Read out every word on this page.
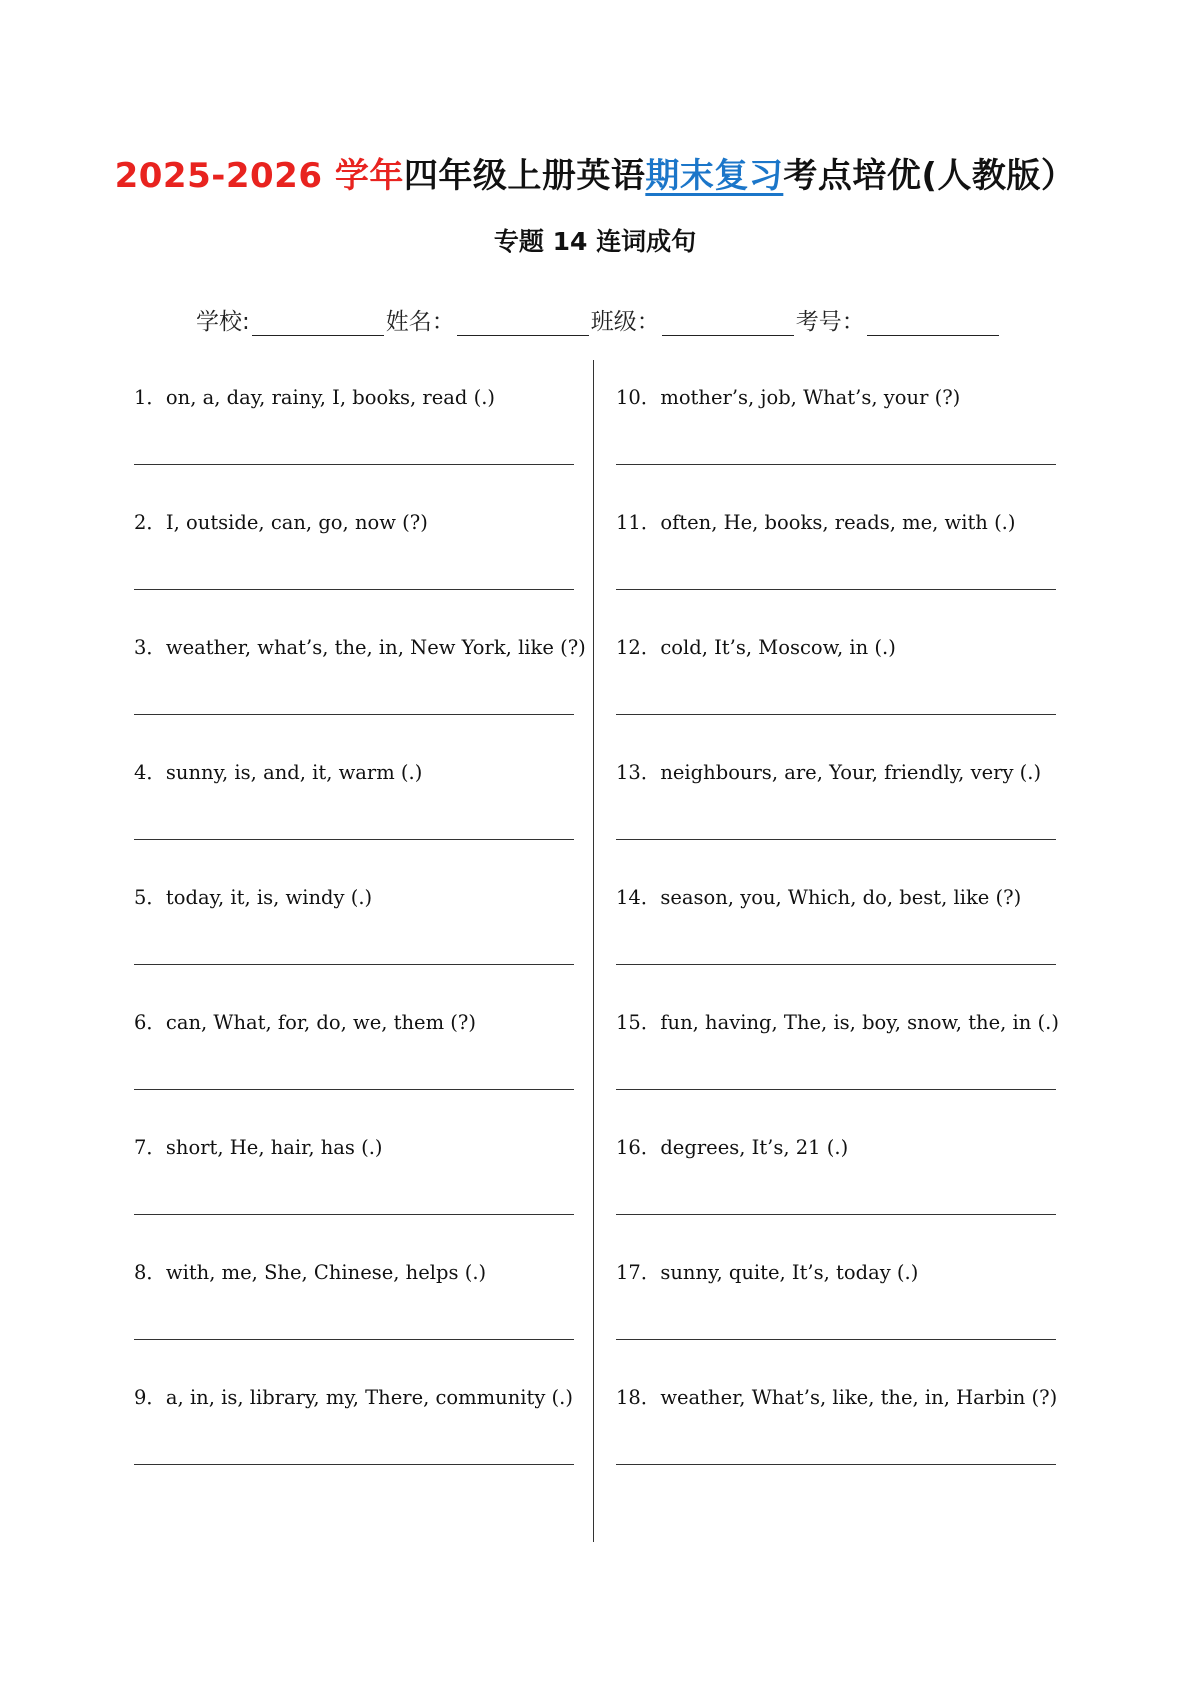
2025-2026 学年四年级上册英语期末复习考点培优(人教版）
专题 14 连词成句
学校:	姓名：	班级：	考号：
1．on, a, day, rainy, I, books, read (.)
2．I, outside, can, go, now (?)
3．weather, what’s, the, in, New York, like (?)
4．sunny, is, and, it, warm (.)
5．today, it, is, windy (.)
6．can, What, for, do, we, them (?)
7．short, He, hair, has (.)
8．with, me, She, Chinese, helps (.)
9．a, in, is, library, my, There, community (.)
10．mother’s, job, What’s, your (?)
11．often, He, books, reads, me, with (.)
12．cold, It’s, Moscow, in (.)
13．neighbours, are, Your, friendly, very (.)
14．season, you, Which, do, best, like (?)
15．fun, having, The, is, boy, snow, the, in (.)
16．degrees, It’s, 21 (.)
17．sunny, quite, It’s, today (.)
18．weather, What’s, like, the, in, Harbin (?)
